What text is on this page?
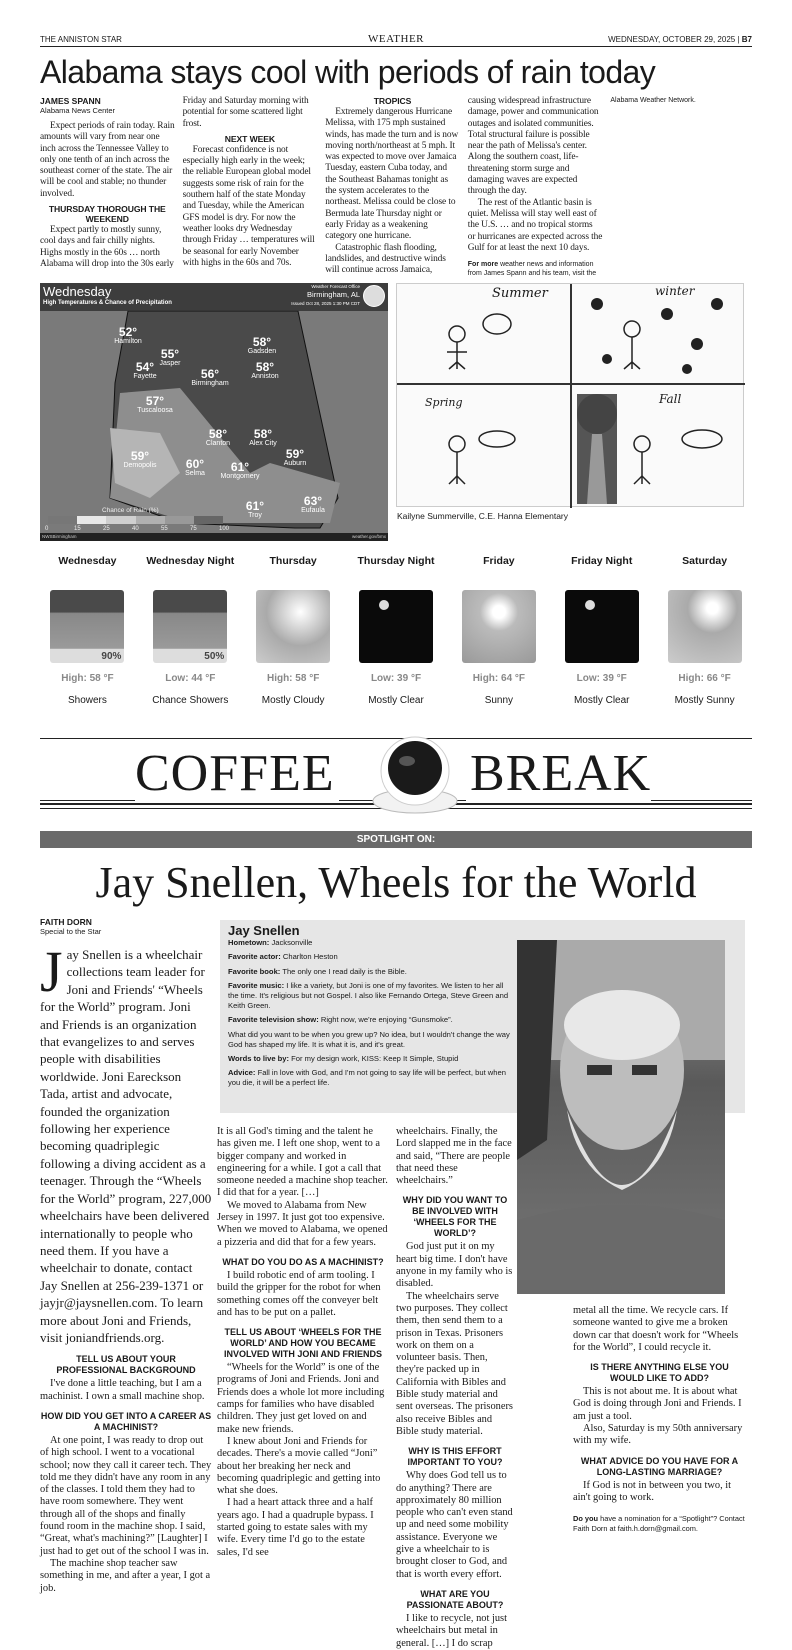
THE ANNISTON STAR	WEATHER	WEDNESDAY, OCTOBER 29, 2025 | B7
Alabama stays cool with periods of rain today
JAMES SPANN
Alabama News Center

Expect periods of rain today. Rain amounts will vary from near one inch across the Tennessee Valley to only one tenth of an inch across the southeast corner of the state. The air will be cool and stable; no thunder involved.

THURSDAY THOROUGH THE WEEKEND

Expect partly to mostly sunny, cool days and fair chilly nights. Highs mostly in the 60s … north Alabama will drop into the 30s early Friday and Saturday morning with potential for some scattered light frost.

NEXT WEEK

Forecast confidence is not especially high early in the week; the reliable European global model suggests some risk of rain for the southern half of the state Monday and Tuesday, while the American GFS model is dry. For now the weather looks dry Wednesday through Friday … temperatures will be seasonal for early November with highs in the 60s and 70s.

TROPICS

Extremely dangerous Hurricane Melissa, with 175 mph sustained winds, has made the turn and is now moving north/northeast at 5 mph. It was expected to move over Jamaica Tuesday, eastern Cuba today, and the Southeast Bahamas tonight as the system accelerates to the northeast. Melissa could be close to Bermuda late Thursday night or early Friday as a weakening category one hurricane.

Catastrophic flash flooding, landslides, and destructive winds will continue across Jamaica, causing widespread infrastructure damage, power and communication outages and isolated communities. Total structural failure is possible near the path of Melissa's center. Along the southern coast, life-threatening storm surge and damaging waves are expected through the day.

The rest of the Atlantic basin is quiet. Melissa will stay well east of the U.S. … and no tropical storms or hurricanes are expected across the Gulf for at least the next 10 days.

For more weather news and information from James Spann and his team, visit the Alabama Weather Network.
Wednesday
High Temperatures & Chance of Precipitation
Weather Forecast Office
Birmingham, AL
Issued Oct 28, 2025 1:30 PM CDT
52°
Hamilton
55°
Jasper
54°
Fayette
58°
Gadsden
58°
Anniston
56°
Birmingham
57°
Tuscaloosa
58°
Clanton
58°
Alex City
59°
Demopolis	60°
Selma	61°
Montgomery
59°
Auburn
61°
Troy
63°
Eufaula
Chance of Rain (%)
0	15	25	40	55	75	100
NWSBirmingham	weather.gov/bmx
Summer	winter
Spring	Fall
Kailyne Summerville, C.E. Hanna Elementary
Wednesday
90%
High: 58 °F
Showers
Wednesday Night
50%
Low: 44 °F
Chance Showers
Thursday
High: 58 °F
Mostly Cloudy
Thursday Night
Low: 39 °F
Mostly Clear
Friday
High: 64 °F
Sunny
Friday Night
Low: 39 °F
Mostly Clear
Saturday
High: 66 °F
Mostly Sunny
COFFEE	BREAK
SPOTLIGHT ON:
Jay Snellen, Wheels for the World
FAITH DORN
Special to the Star
Jay Snellen is a wheelchair collections team leader for Joni and Friends' “Wheels for the World” program. Joni and Friends is an organization that evangelizes to and serves people with disabilities worldwide. Joni Eareckson Tada, artist and advocate, founded the organization following her experience becoming quadriplegic following a diving accident as a teenager. Through the “Wheels for the World” program, 227,000 wheelchairs have been delivered internationally to people who need them. If you have a wheelchair to donate, contact Jay Snellen at 256-239-1371 or jayjr@jaysnellen.com. To learn more about Joni and Friends, visit joniandfriends.org.
TELL US ABOUT YOUR PROFESSIONAL BACKGROUND

I've done a little teaching, but I am a machinist. I own a small machine shop.

HOW DID YOU GET INTO A CAREER AS A MACHINIST?

At one point, I was ready to drop out of high school. I went to a vocational school; now they call it career tech. They told me they didn't have any room in any of the classes. I told them they had to have room somewhere. They went through all of the shops and finally found room in the machine shop. I said, “Great, what's machining?” [Laughter] I just had to get out of the school I was in.

The machine shop teacher saw something in me, and after a year, I got a job.

Jay Snellen
Hometown: Jacksonville
Favorite actor: Charlton Heston
Favorite book: The only one I read daily is the Bible.
Favorite music: I like a variety, but Joni is one of my favorites. We listen to her all the time. It's religious but not Gospel. I also like Fernando Ortega, Steve Green and Keith Green.
Favorite television show: Right now, we're enjoying “Gunsmoke”.
What did you want to be when you grew up? No idea, but I wouldn't change the way God has shaped my life. It is what it is, and it's great.
Words to live by: For my design work, KISS: Keep It Simple, Stupid
Advice: Fall in love with God, and I'm not going to say life will be perfect, but when you die, it will be a perfect life.

It is all God's timing and the talent he has given me. I left one shop, went to a bigger company and worked in engineering for a while. I got a call that someone needed a machine shop teacher. I did that for a year. […]

We moved to Alabama from New Jersey in 1997. It just got too expensive. When we moved to Alabama, we opened a pizzeria and did that for a few years.

WHAT DO YOU DO AS A MACHINIST?

I build robotic end of arm tooling. I build the gripper for the robot for when something comes off the conveyer belt and has to be put on a pallet.

TELL US ABOUT ‘WHEELS FOR THE WORLD’ AND HOW YOU BECAME INVOLVED WITH JONI AND FRIENDS

“Wheels for the World” is one of the programs of Joni and Friends. Joni and Friends does a whole lot more including camps for families who have disabled children. They just get loved on and make new friends.

I knew about Joni and Friends for decades. There's a movie called “Joni” about her breaking her neck and becoming quadriplegic and getting into what she does.

I had a heart attack three and a half years ago. I had a quadruple bypass. I started going to estate sales with my wife. Every time I'd go to the estate sales, I'd see

wheelchairs. Finally, the Lord slapped me in the face and said, “There are people that need these wheelchairs.”

WHY DID YOU WANT TO BE INVOLVED WITH ‘WHEELS FOR THE WORLD’?

God just put it on my heart big time. I don't have anyone in my family who is disabled.

The wheelchairs serve two purposes. They collect them, then send them to a prison in Texas. Prisoners work on them on a volunteer basis. Then, they're packed up in California with Bibles and Bible study material and sent overseas. The prisoners also receive Bibles and Bible study material.

WHY IS THIS EFFORT IMPORTANT TO YOU?

Why does God tell us to do anything? There are approximately 80 million people who can't even stand up and need some mobility assistance. Everyone we give a wheelchair to is brought closer to God, and that is worth every effort.

WHAT ARE YOU PASSIONATE ABOUT?

I like to recycle, not just wheelchairs but metal in general. […] I do scrap

metal all the time. We recycle cars. If someone wanted to give me a broken down car that doesn't work for “Wheels for the World”, I could recycle it.

IS THERE ANYTHING ELSE YOU WOULD LIKE TO ADD?

This is not about me. It is about what God is doing through Joni and Friends. I am just a tool.

Also, Saturday is my 50th anniversary with my wife.

WHAT ADVICE DO YOU HAVE FOR A LONG-LASTING MARRIAGE?

If God is not in between you two, it ain't going to work.

Do you have a nomination for a “Spotlight”? Contact Faith Dorn at faith.h.dorn@gmail.com.
